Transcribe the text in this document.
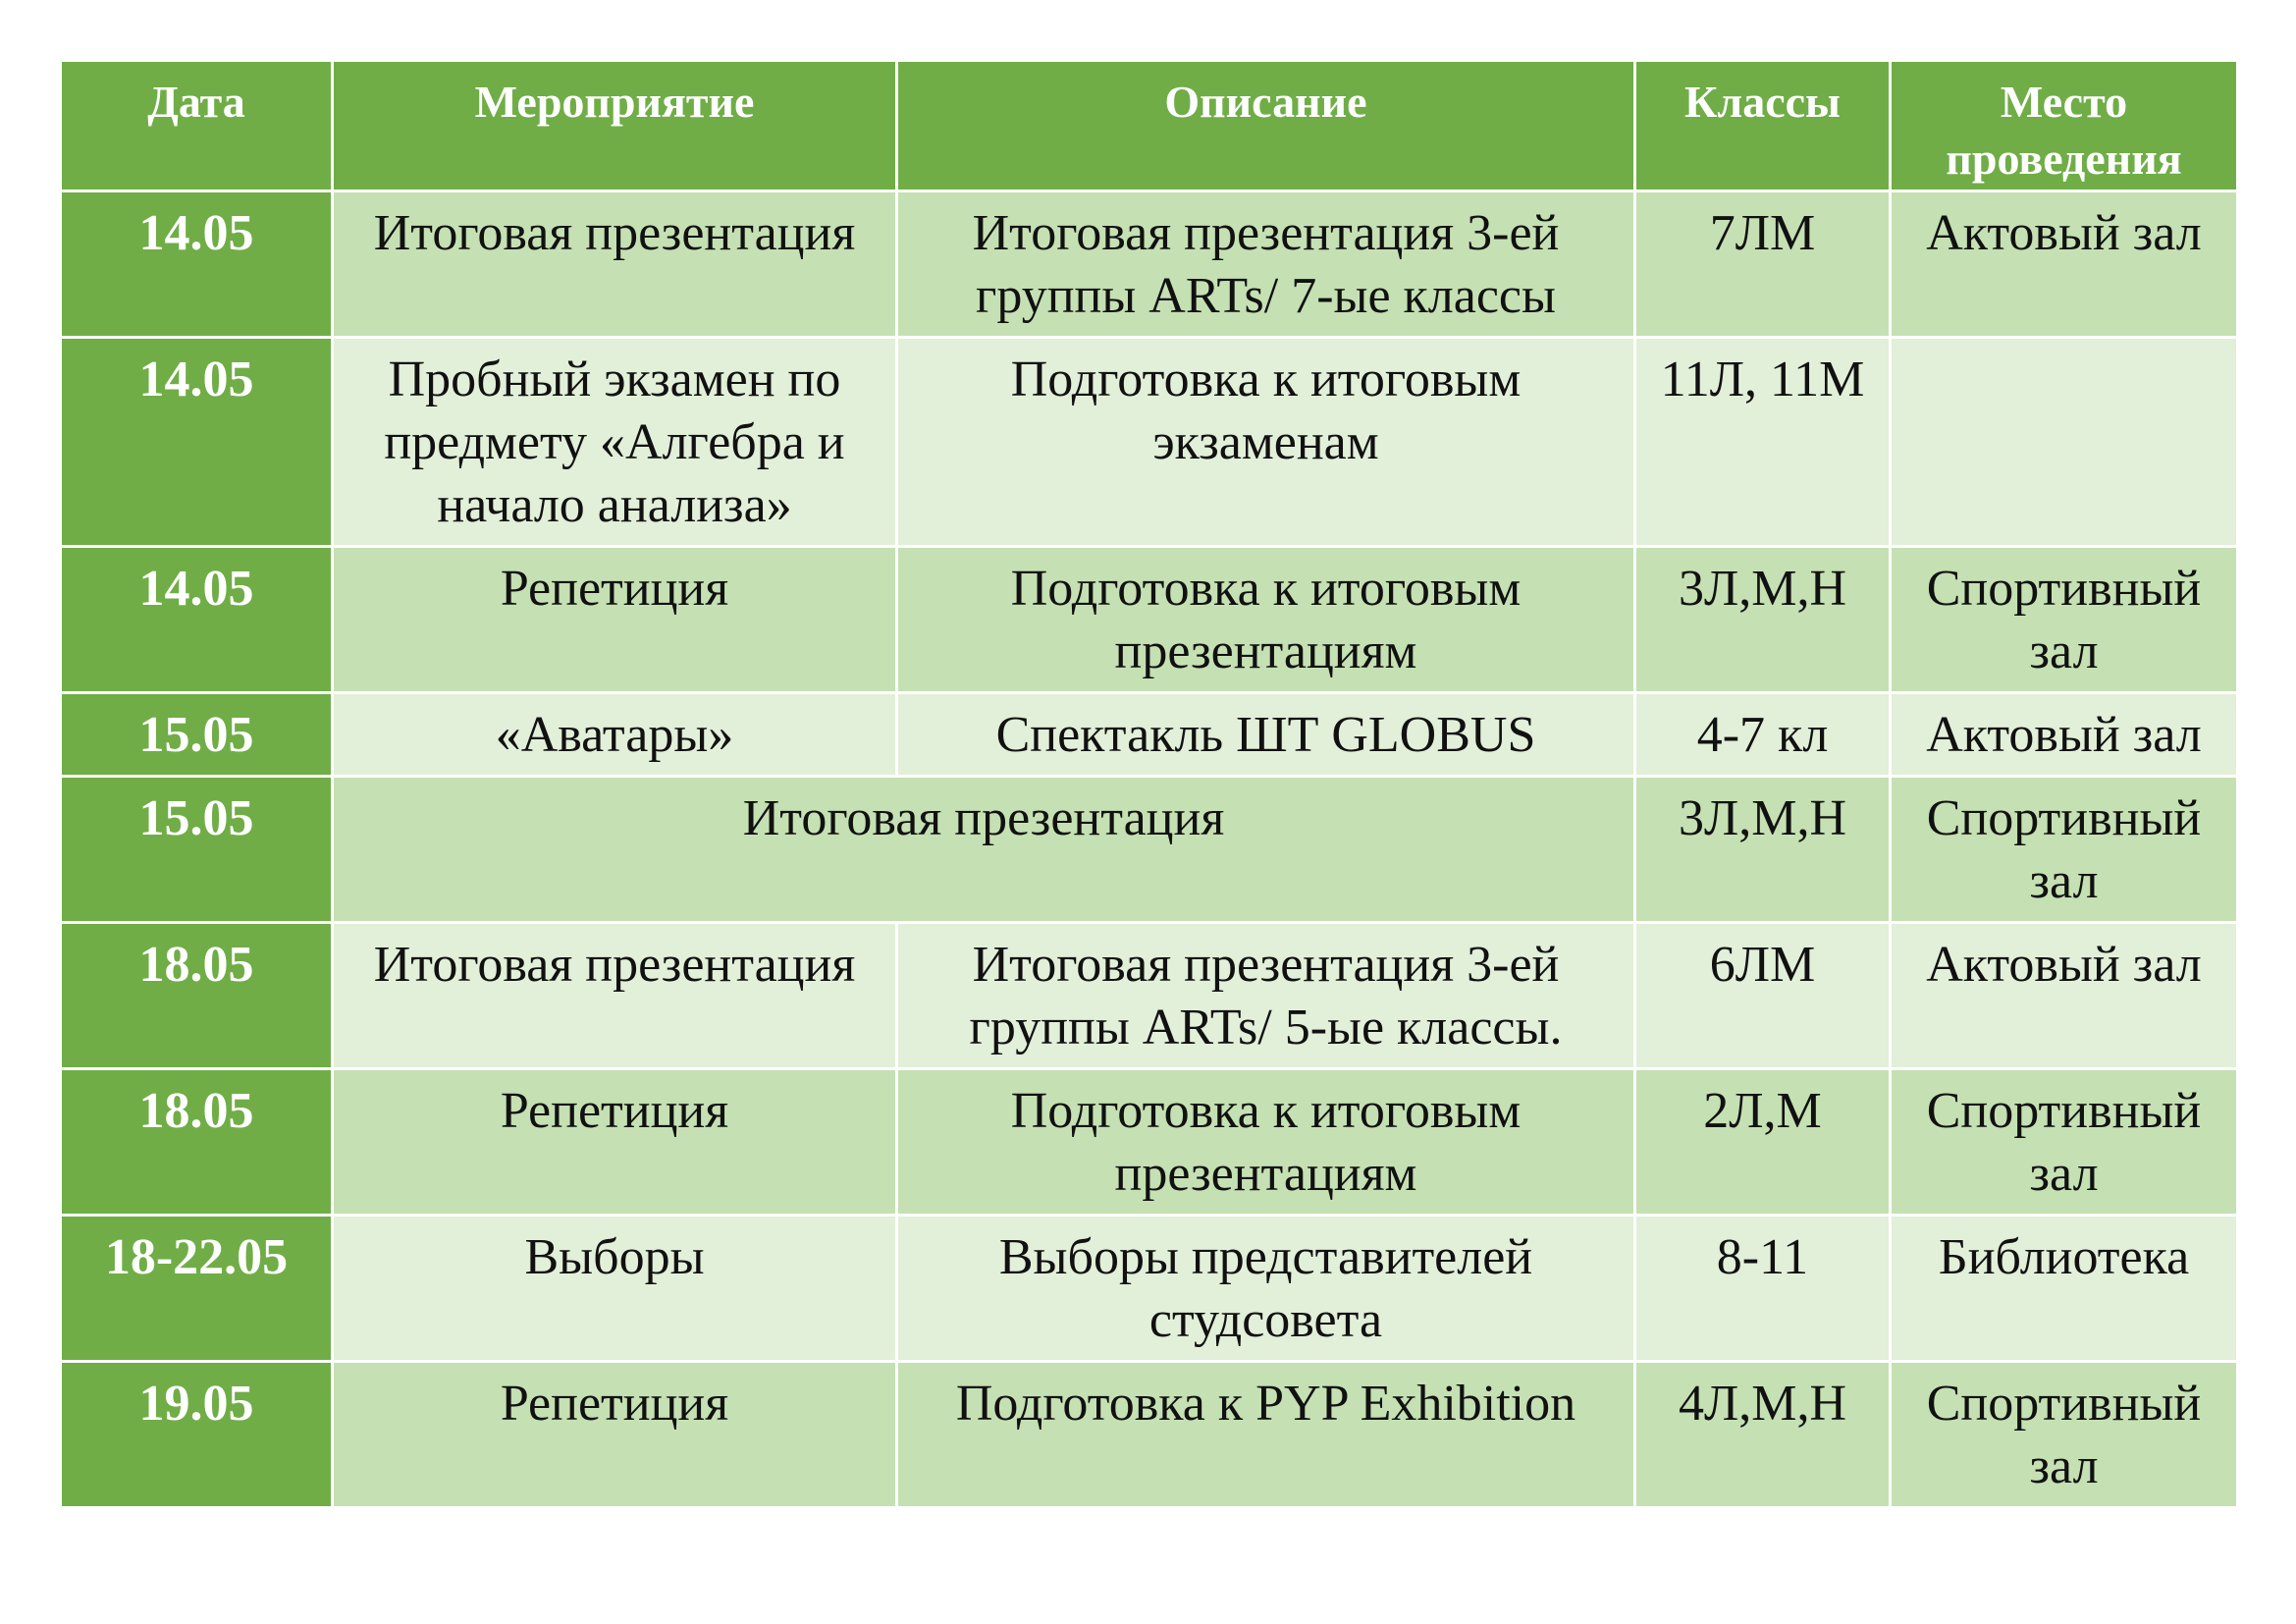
Дата	Мероприятие	Описание	Классы	Место проведения
14.05	Итоговая презентация	Итоговая презентация 3-ей группы ARTs/ 7-ые классы	7ЛМ	Актовый зал
14.05	Пробный экзамен по предмету «Алгебра и начало анализа»	Подготовка к итоговым экзаменам	11Л, 11М	
14.05	Репетиция	Подготовка к итоговым презентациям	3Л,М,Н	Спортивный зал
15.05	«Аватары»	Спектакль ШТ GLOBUS	4-7 кл	Актовый зал
15.05	Итоговая презентация		3Л,М,Н	Спортивный зал
18.05	Итоговая презентация	Итоговая презентация 3-ей группы ARTs/ 5-ые классы.	6ЛМ	Актовый зал
18.05	Репетиция	Подготовка к итоговым презентациям	2Л,М	Спортивный зал
18-22.05	Выборы	Выборы представителей студсовета	8-11	Библиотека
19.05	Репетиция	Подготовка к PYP Exhibition	4Л,М,Н	Спортивный зал
